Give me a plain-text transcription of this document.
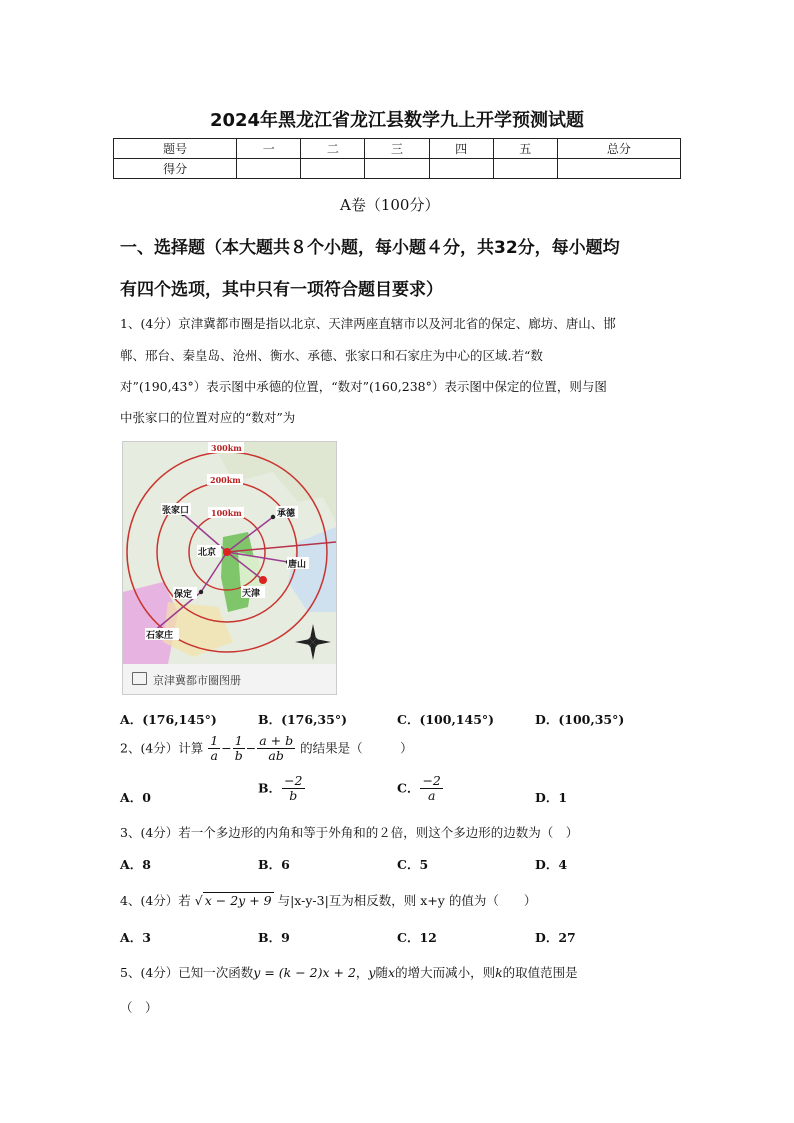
2024年黑龙江省龙江县数学九上开学预测试题
题号	一	二	三	四	五	总分
得分						
A卷（100分）
一、选择题（本大题共８个小题，每小题４分，共32分，每小题均
有四个选项，其中只有一项符合题目要求）
1、(4分）京津冀都市圈是指以北京、天津两座直辖市以及河北省的保定、廊坊、唐山、邯
郸、邢台、秦皇岛、沧州、衡水、承德、张家口和石家庄为中心的区域.若“数
对”(190,43°）表示图中承德的位置，“数对”(160,238°）表示图中保定的位置，则与图
中张家口的位置对应的“数对”为
300km
200km
100km
张家口	承德
北京
唐山
保定	天津
石家庄
京津冀都市圈图册
A．(176,145°)	B．(176,35°)	C．(100,145°)	D．(100,35°)
2、(4分）计算 $\frac{1}{a} - \frac{1}{b} - \frac{a + b}{ab}$ 的结果是（　　　）
A．0
B． $\frac{-2}{b}$	C． $\frac{-2}{a}$	D．1
3、(4分）若一个多边形的内角和等于外角和的２倍，则这个多边形的边数为（　）
A．8	B．6	C．5	D．4
4、(4分）若 √ x − 2y + 9 与|x-y-3|互为相反数，则 x+y 的值为（　　）
A．3	B．9	C．12	D．27
5、(4分）已知一次函数y = (k − 2)x + 2，y随x的增大而减小，则k的取值范围是
（　）
